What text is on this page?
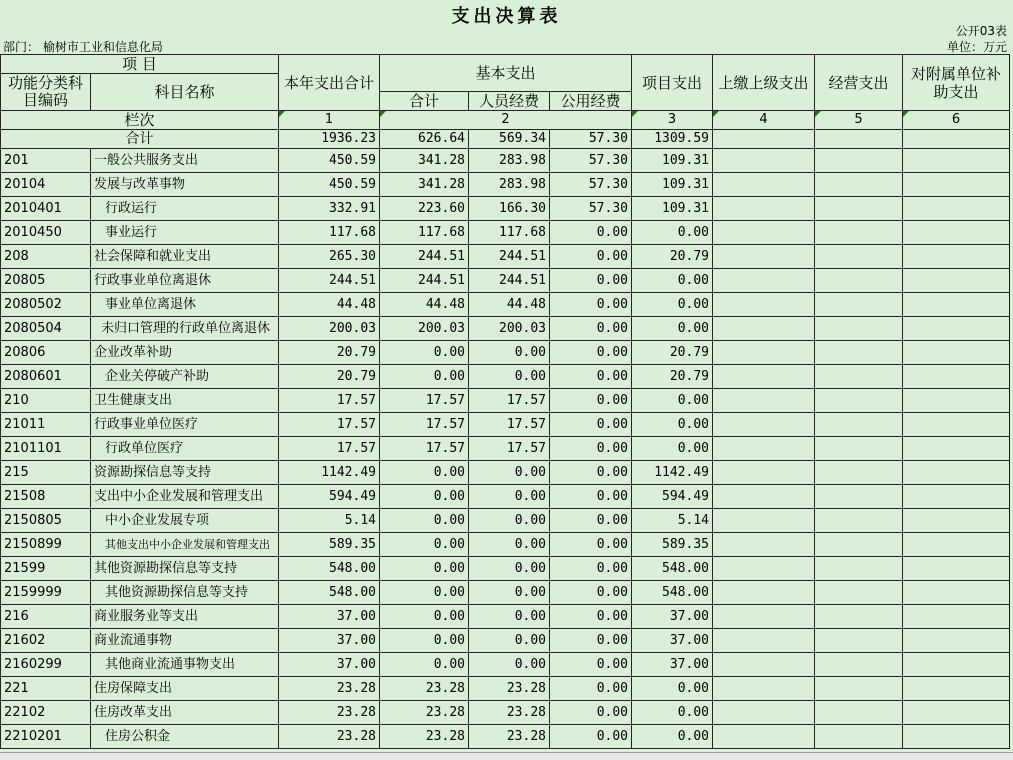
支出决算表
公开03表
部门： 榆树市工业和信息化局	单位：万元
项 目		本年支出合计	基本支出			项目支出	上缴上级支出	经营支出	对附属单位补助支出
功能分类科目编码	科目名称								
			合计	人员经费	公用经费				
栏次		1	2			3	4	5	6
合计		1936.23	626.64	569.34	57.30	1309.59			
201	一般公共服务支出	450.59	341.28	283.98	57.30	109.31			
20104	发展与改革事物	450.59	341.28	283.98	57.30	109.31			
2010401	行政运行	332.91	223.60	166.30	57.30	109.31			
2010450	事业运行	117.68	117.68	117.68	0.00	0.00			
208	社会保障和就业支出	265.30	244.51	244.51	0.00	20.79			
20805	行政事业单位离退休	244.51	244.51	244.51	0.00	0.00			
2080502	事业单位离退休	44.48	44.48	44.48	0.00	0.00			
2080504	未归口管理的行政单位离退休	200.03	200.03	200.03	0.00	0.00			
20806	企业改革补助	20.79	0.00	0.00	0.00	20.79			
2080601	企业关停破产补助	20.79	0.00	0.00	0.00	20.79			
210	卫生健康支出	17.57	17.57	17.57	0.00	0.00			
21011	行政事业单位医疗	17.57	17.57	17.57	0.00	0.00			
2101101	行政单位医疗	17.57	17.57	17.57	0.00	0.00			
215	资源勘探信息等支持	1142.49	0.00	0.00	0.00	1142.49			
21508	支出中小企业发展和管理支出	594.49	0.00	0.00	0.00	594.49			
2150805	中小企业发展专项	5.14	0.00	0.00	0.00	5.14			
2150899	其他支出中小企业发展和管理支出	589.35	0.00	0.00	0.00	589.35			
21599	其他资源勘探信息等支持	548.00	0.00	0.00	0.00	548.00			
2159999	其他资源勘探信息等支持	548.00	0.00	0.00	0.00	548.00			
216	商业服务业等支出	37.00	0.00	0.00	0.00	37.00			
21602	商业流通事物	37.00	0.00	0.00	0.00	37.00			
2160299	其他商业流通事物支出	37.00	0.00	0.00	0.00	37.00			
221	住房保障支出	23.28	23.28	23.28	0.00	0.00			
22102	住房改革支出	23.28	23.28	23.28	0.00	0.00			
2210201	住房公积金	23.28	23.28	23.28	0.00	0.00			
